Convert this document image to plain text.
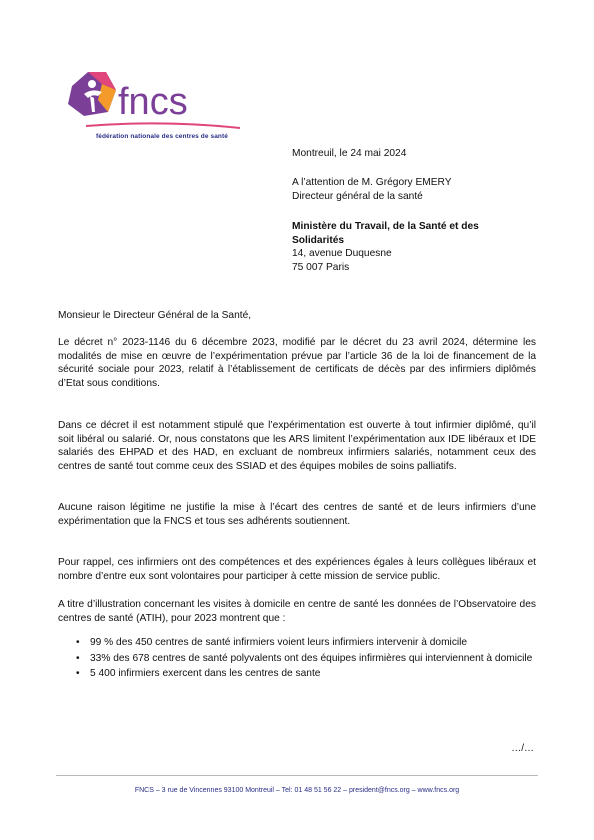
fncs
fédération nationale des centres de santé
Montreuil, le 24 mai 2024
A l’attention de M. Grégory EMERY
Directeur général de la santé
Ministère du Travail, de la Santé et des
Solidarités
14, avenue Duquesne
75 007 Paris
Monsieur le Directeur Général de la Santé,
Le décret n° 2023-1146 du 6 décembre 2023, modifié par le décret du 23 avril 2024, détermine les modalités de mise en œuvre de l’expérimentation prévue par l’article 36 de la loi de financement de la sécurité sociale pour 2023, relatif à l’établissement de certificats de décès par des infirmiers diplômés d’Etat sous conditions.
Dans ce décret il est notamment stipulé que l’expérimentation est ouverte à tout infirmier diplômé, qu’il soit libéral ou salarié. Or, nous constatons que les ARS limitent l’expérimentation aux IDE libéraux et IDE salariés des EHPAD et des HAD, en excluant de nombreux infirmiers salariés, notamment ceux des centres de santé tout comme ceux des SSIAD et des équipes mobiles de soins palliatifs.
Aucune raison légitime ne justifie la mise à l’écart des centres de santé et de leurs infirmiers d’une expérimentation que la FNCS et tous ses adhérents soutiennent.
Pour rappel, ces infirmiers ont des compétences et des expériences égales à leurs collègues libéraux et nombre d’entre eux sont volontaires pour participer à cette mission de service public.
A titre d’illustration concernant les visites à domicile en centre de santé les données de l’Observatoire des centres de santé (ATIH), pour 2023 montrent que :
• 99 % des 450 centres de santé infirmiers voient leurs infirmiers intervenir à domicile
• 33% des 678 centres de santé polyvalents ont des équipes infirmières qui interviennent à domicile
• 5 400 infirmiers exercent dans les centres de sante
…/…
FNCS – 3 rue de Vincennes 93100 Montreuil – Tel: 01 48 51 56 22 – president@fncs.org – www.fncs.org
